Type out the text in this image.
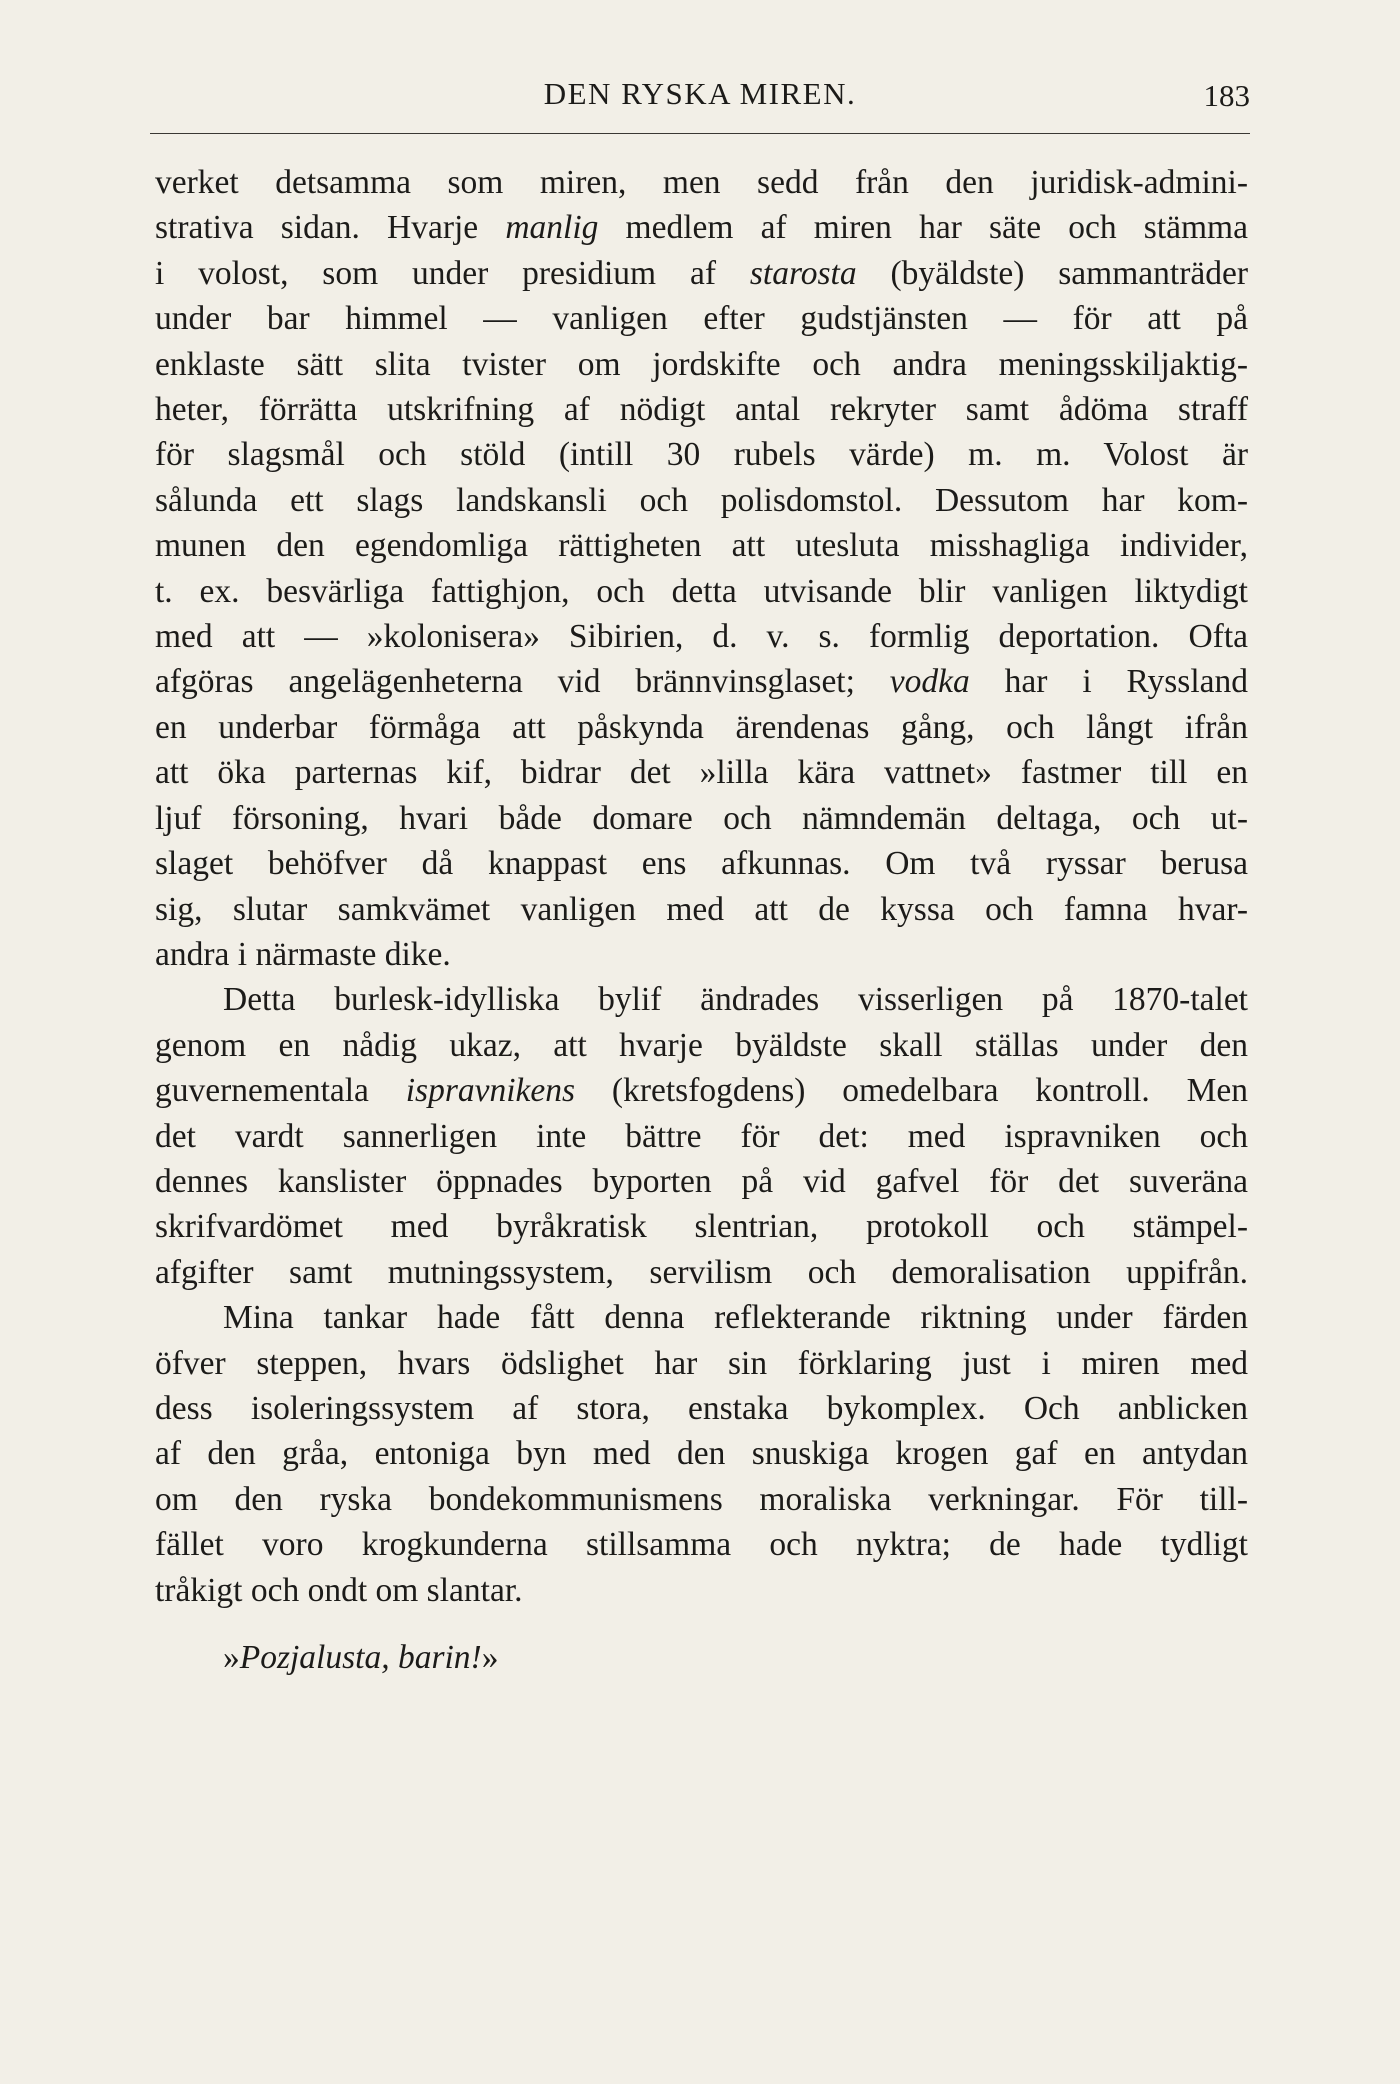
DEN RYSKA MIREN.	183

verket detsamma som miren, men sedd från den juridisk-admini-
strativa sidan. Hvarje manlig medlem af miren har säte och stämma
i volost, som under presidium af starosta (byäldste) sammanträder
under bar himmel — vanligen efter gudstjänsten — för att på
enklaste sätt slita tvister om jordskifte och andra meningsskiljaktig-
heter, förrätta utskrifning af nödigt antal rekryter samt ådöma straff
för slagsmål och stöld (intill 30 rubels värde) m. m. Volost är
sålunda ett slags landskansli och polisdomstol. Dessutom har kom-
munen den egendomliga rättigheten att utesluta misshagliga individer,
t. ex. besvärliga fattighjon, och detta utvisande blir vanligen liktydigt
med att — »kolonisera» Sibirien, d. v. s. formlig deportation. Ofta
afgöras angelägenheterna vid brännvinsglaset; vodka har i Ryssland
en underbar förmåga att påskynda ärendenas gång, och långt ifrån
att öka parternas kif, bidrar det »lilla kära vattnet» fastmer till en
ljuf försoning, hvari både domare och nämndemän deltaga, och ut-
slaget behöfver då knappast ens afkunnas. Om två ryssar berusa
sig, slutar samkvämet vanligen med att de kyssa och famna hvar-
andra i närmaste dike.

Detta burlesk-idylliska bylif ändrades visserligen på 1870-talet
genom en nådig ukaz, att hvarje byäldste skall ställas under den
guvernementala ispravnikens (kretsfogdens) omedelbara kontroll. Men
det vardt sannerligen inte bättre för det: med ispravniken och
dennes kanslister öppnades byporten på vid gafvel för det suveräna
skrifvardömet med byråkratisk slentrian, protokoll och stämpel-
afgifter samt mutningssystem, servilism och demoralisation uppifrån.

Mina tankar hade fått denna reflekterande riktning under färden
öfver steppen, hvars ödslighet har sin förklaring just i miren med
dess isoleringssystem af stora, enstaka bykomplex. Och anblicken
af den gråa, entoniga byn med den snuskiga krogen gaf en antydan
om den ryska bondekommunismens moraliska verkningar. För till-
fället voro krogkunderna stillsamma och nyktra; de hade tydligt
tråkigt och ondt om slantar.

»Pozjalusta, barin!»
